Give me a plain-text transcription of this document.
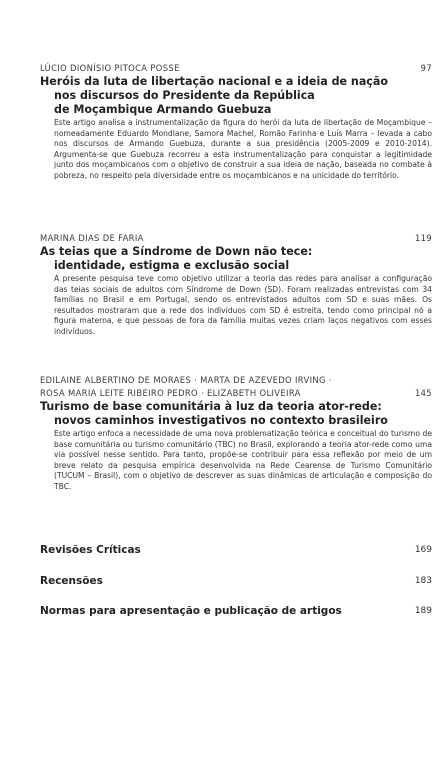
LÚCIO DIONÍSIO PITOCA POSSE	97
Heróis da luta de libertação nacional e a ideia de nação
nos discursos do Presidente da República
de Moçambique Armando Guebuza
Este artigo analisa a instrumentalização da figura do herói da luta de libertação de Moçambique – nomeadamente Eduardo Mondlane, Samora Machel, Romão Farinha e Luís Marra – levada a cabo nos discursos de Armando Guebuza, durante a sua presidência (2005-2009 e 2010-2014). Argumenta-se que Guebuza recorreu a esta instrumentalização para conquistar a legitimidade junto dos moçambicanos com o objetivo de construir a sua ideia de nação, baseada no combate à pobreza, no respeito pela diversidade entre os moçambicanos e na unicidade do território.
MARINA DIAS DE FARIA	119
As teias que a Síndrome de Down não tece:
identidade, estigma e exclusão social
A presente pesquisa teve como objetivo utilizar a teoria das redes para analisar a configuração das teias sociais de adultos com Síndrome de Down (SD). Foram realizadas entrevistas com 34 famílias no Brasil e em Portugal, sendo os entrevistados adultos com SD e suas mães. Os resultados mostraram que a rede dos indivíduos com SD é estreita, tendo como principal nó a figura materna, e que pessoas de fora da família muitas vezes criam laços negativos com esses indivíduos.
EDILAINE ALBERTINO DE MORAES · MARTA DE AZEVEDO IRVING ·
ROSA MARIA LEITE RIBEIRO PEDRO · ELIZABETH OLIVEIRA	145
Turismo de base comunitária à luz da teoria ator-rede:
novos caminhos investigativos no contexto brasileiro
Este artigo enfoca a necessidade de uma nova problematização teórica e conceitual do turismo de base comunitária ou turismo comunitário (TBC) no Brasil, explorando a teoria ator-rede como uma via possível nesse sentido. Para tanto, propõe-se contribuir para essa reflexão por meio de um breve relato da pesquisa empírica desenvolvida na Rede Cearense de Turismo Comunitário (TUCUM – Brasil), com o objetivo de descrever as suas dinâmicas de articulação e composição do TBC.
Revisões Críticas	169
Recensões	183
Normas para apresentação e publicação de artigos	189
